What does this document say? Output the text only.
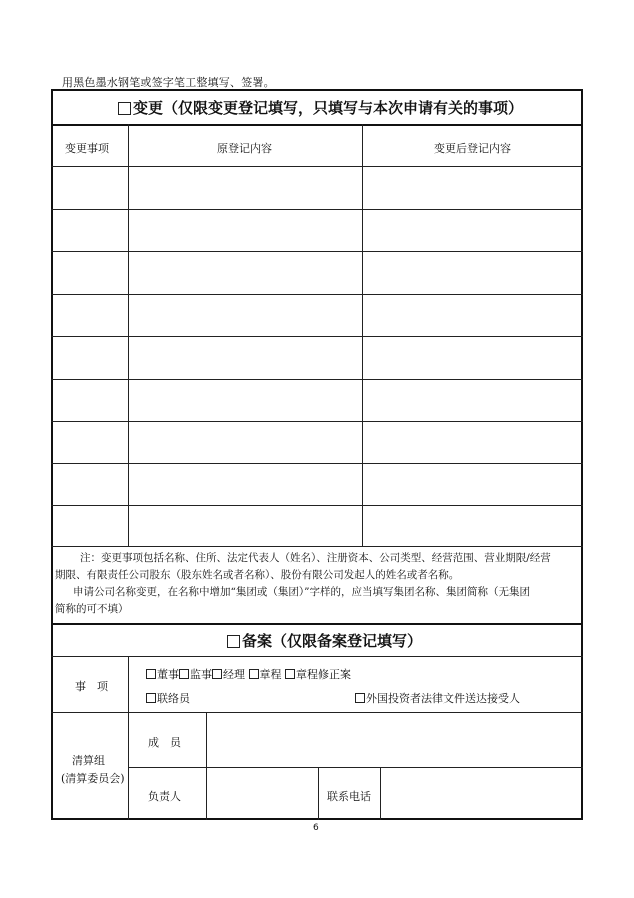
用黑色墨水钢笔或签字笔工整填写、签署。
变更（仅限变更登记填写，只填写与本次申请有关的事项）
变更事项	原登记内容	变更后登记内容
注：变更事项包括名称、住所、法定代表人（姓名）、注册资本、公司类型、经营范围、营业期限/经营
期限、有限责任公司股东（股东姓名或者名称）、股份有限公司发起人的姓名或者名称。
申请公司名称变更，在名称中增加“集团或（集团）”字样的，应当填写集团名称、集团简称（无集团
简称的可不填）
备案（仅限备案登记填写）
事　项
董事 监事 经理 章程 章程修正案
联络员	外国投资者法律文件送达接受人
清算组
(清算委员会)
成　员
负责人	联系电话
6
